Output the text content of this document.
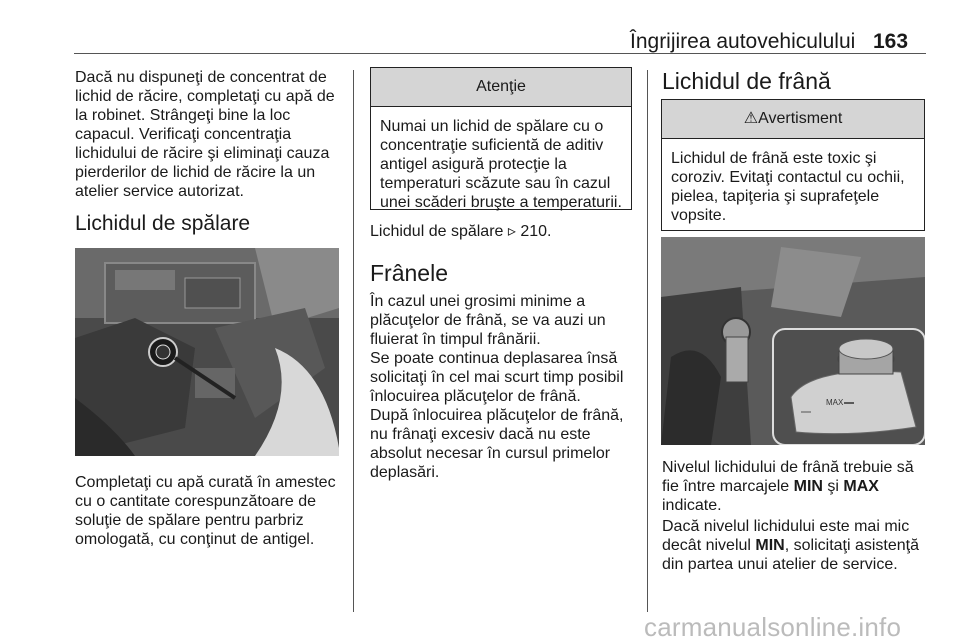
Îngrijirea autovehiculului 163

Dacă nu dispuneţi de concentrat de lichid de răcire, completaţi cu apă de la robinet. Strângeţi bine la loc capacul. Verificaţi concentraţia lichidului de răcire şi eliminaţi cauza pierderilor de lichid de răcire la un atelier service autorizat.

Lichidul de spălare

Completaţi cu apă curată în amestec cu o cantitate corespunzătoare de soluţie de spălare pentru parbriz omologată, cu conţinut de antigel.

Atenţie
Numai un lichid de spălare cu o concentraţie suficientă de aditiv antigel asigură protecţie la temperaturi scăzute sau în cazul unei scăderi bruşte a temperaturii.

Lichidul de spălare ▹ 210.

Frânele

În cazul unei grosimi minime a plăcuţelor de frână, se va auzi un fluierat în timpul frânării.

Se poate continua deplasarea însă solicitaţi în cel mai scurt timp posibil înlocuirea plăcuţelor de frână.

După înlocuirea plăcuţelor de frână, nu frânaţi excesiv dacă nu este absolut necesar în cursul primelor deplasări.

Lichidul de frână
⚠Avertisment
Lichidul de frână este toxic şi coroziv. Evitaţi contactul cu ochii, pielea, tapiţeria şi suprafeţele vopsite.
MAX

Nivelul lichidului de frână trebuie să fie între marcajele MIN şi MAX indicate.

Dacă nivelul lichidului este mai mic decât nivelul MIN, solicitaţi asistenţă din partea unui atelier de service.

carmanualsonline.info
